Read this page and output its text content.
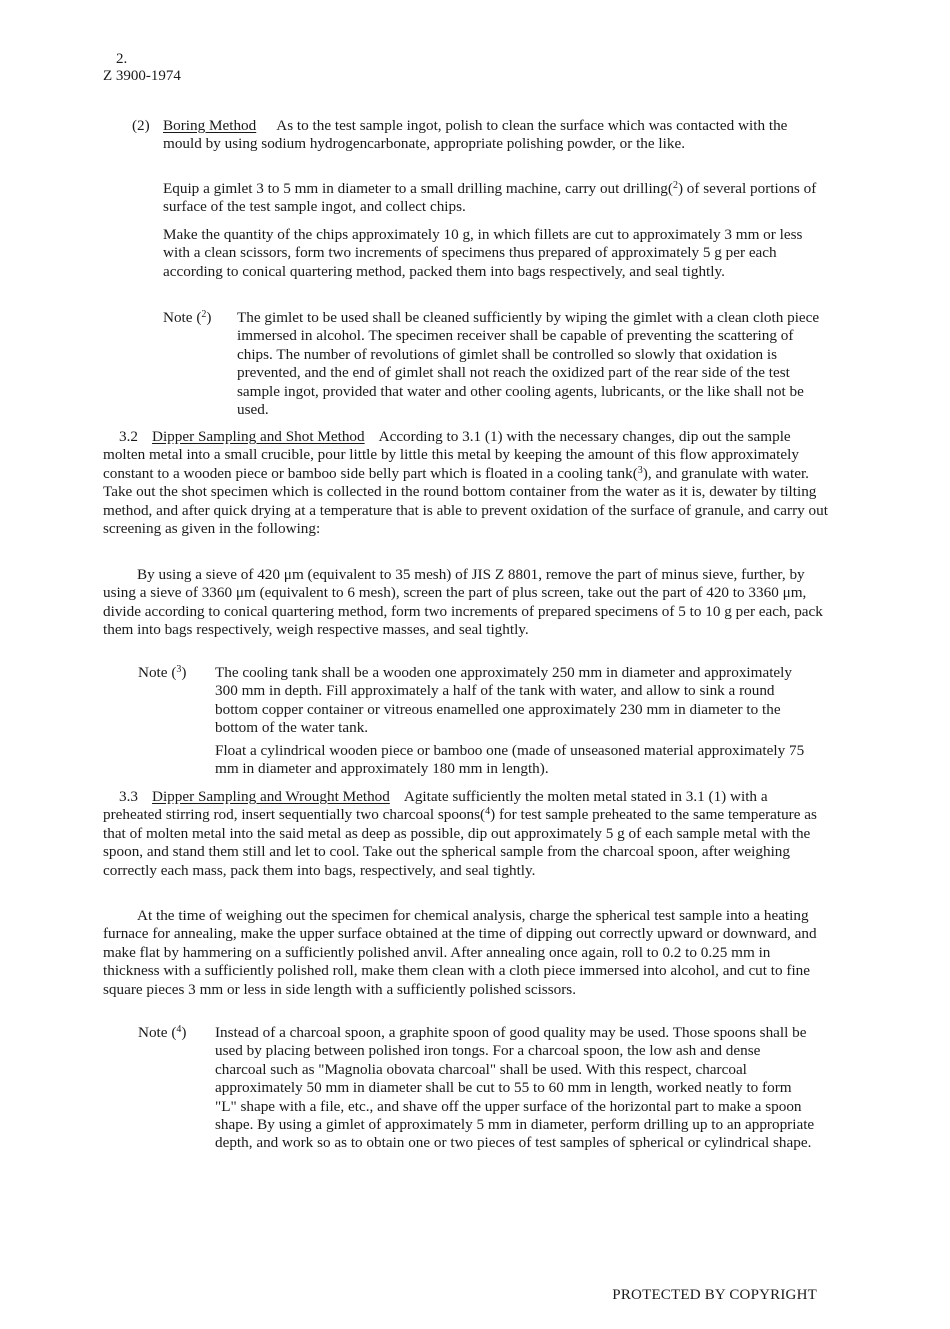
2.
Z 3900-1974
(2) Boring Method As to the test sample ingot, polish to clean the surface which was contacted with the mould by using sodium hydrogencarbonate, appropriate polishing powder, or the like.

Equip a gimlet 3 to 5 mm in diameter to a small drilling machine, carry out drilling($^2$) of several portions of surface of the test sample ingot, and collect chips.

Make the quantity of the chips approximately 10 g, in which fillets are cut to approximately 3 mm or less with a clean scissors, form two increments of specimens thus prepared of approximately 5 g per each according to conical quartering method, packed them into bags respectively, and seal tightly.

Note ($^2$) The gimlet to be used shall be cleaned sufficiently by wiping the gimlet with a clean cloth piece immersed in alcohol. The specimen receiver shall be capable of preventing the scattering of chips. The number of revolutions of gimlet shall be controlled so slowly that oxidation is prevented, and the end of gimlet shall not reach the oxidized part of the rear side of the test sample ingot, provided that water and other cooling agents, lubricants, or the like shall not be used.

3.2 Dipper Sampling and Shot Method According to 3.1 (1) with the necessary changes, dip out the sample molten metal into a small crucible, pour little by little this metal by keeping the amount of this flow approximately constant to a wooden piece or bamboo side belly part which is floated in a cooling tank($^3$), and granulate with water. Take out the shot specimen which is collected in the round bottom container from the water as it is, dewater by tilting method, and after quick drying at a temperature that is able to prevent oxidation of the surface of granule, and carry out screening as given in the following:

By using a sieve of 420 μm (equivalent to 35 mesh) of JIS Z 8801, remove the part of minus sieve, further, by using a sieve of 3360 μm (equivalent to 6 mesh), screen the part of plus screen, take out the part of 420 to 3360 μm, divide according to conical quartering method, form two increments of prepared specimens of 5 to 10 g per each, pack them into bags respectively, weigh respective masses, and seal tightly.

Note ($^3$) The cooling tank shall be a wooden one approximately 250 mm in diameter and approximately 300 mm in depth. Fill approximately a half of the tank with water, and allow to sink a round bottom copper container or vitreous enamelled one approximately 230 mm in diameter to the bottom of the water tank.

Float a cylindrical wooden piece or bamboo one (made of unseasoned material approximately 75 mm in diameter and approximately 180 mm in length).

3.3 Dipper Sampling and Wrought Method Agitate sufficiently the molten metal stated in 3.1 (1) with a preheated stirring rod, insert sequentially two charcoal spoons($^4$) for test sample preheated to the same temperature as that of molten metal into the said metal as deep as possible, dip out approximately 5 g of each sample metal with the spoon, and stand them still and let to cool. Take out the spherical sample from the charcoal spoon, after weighing correctly each mass, pack them into bags, respectively, and seal tightly.

At the time of weighing out the specimen for chemical analysis, charge the spherical test sample into a heating furnace for annealing, make the upper surface obtained at the time of dipping out correctly upward or downward, and make flat by hammering on a sufficiently polished anvil. After annealing once again, roll to 0.2 to 0.25 mm in thickness with a sufficiently polished roll, make them clean with a cloth piece immersed into alcohol, and cut to fine square pieces 3 mm or less in side length with a sufficiently polished scissors.

Note ($^4$) Instead of a charcoal spoon, a graphite spoon of good quality may be used. Those spoons shall be used by placing between polished iron tongs. For a charcoal spoon, the low ash and dense charcoal such as "Magnolia obovata charcoal" shall be used. With this respect, charcoal approximately 50 mm in diameter shall be cut to 55 to 60 mm in length, worked neatly to form "L" shape with a file, etc., and shave off the upper surface of the horizontal part to make a spoon shape. By using a gimlet of approximately 5 mm in diameter, perform drilling up to an appropriate depth, and work so as to obtain one or two pieces of test samples of spherical or cylindrical shape.

PROTECTED BY COPYRIGHT
